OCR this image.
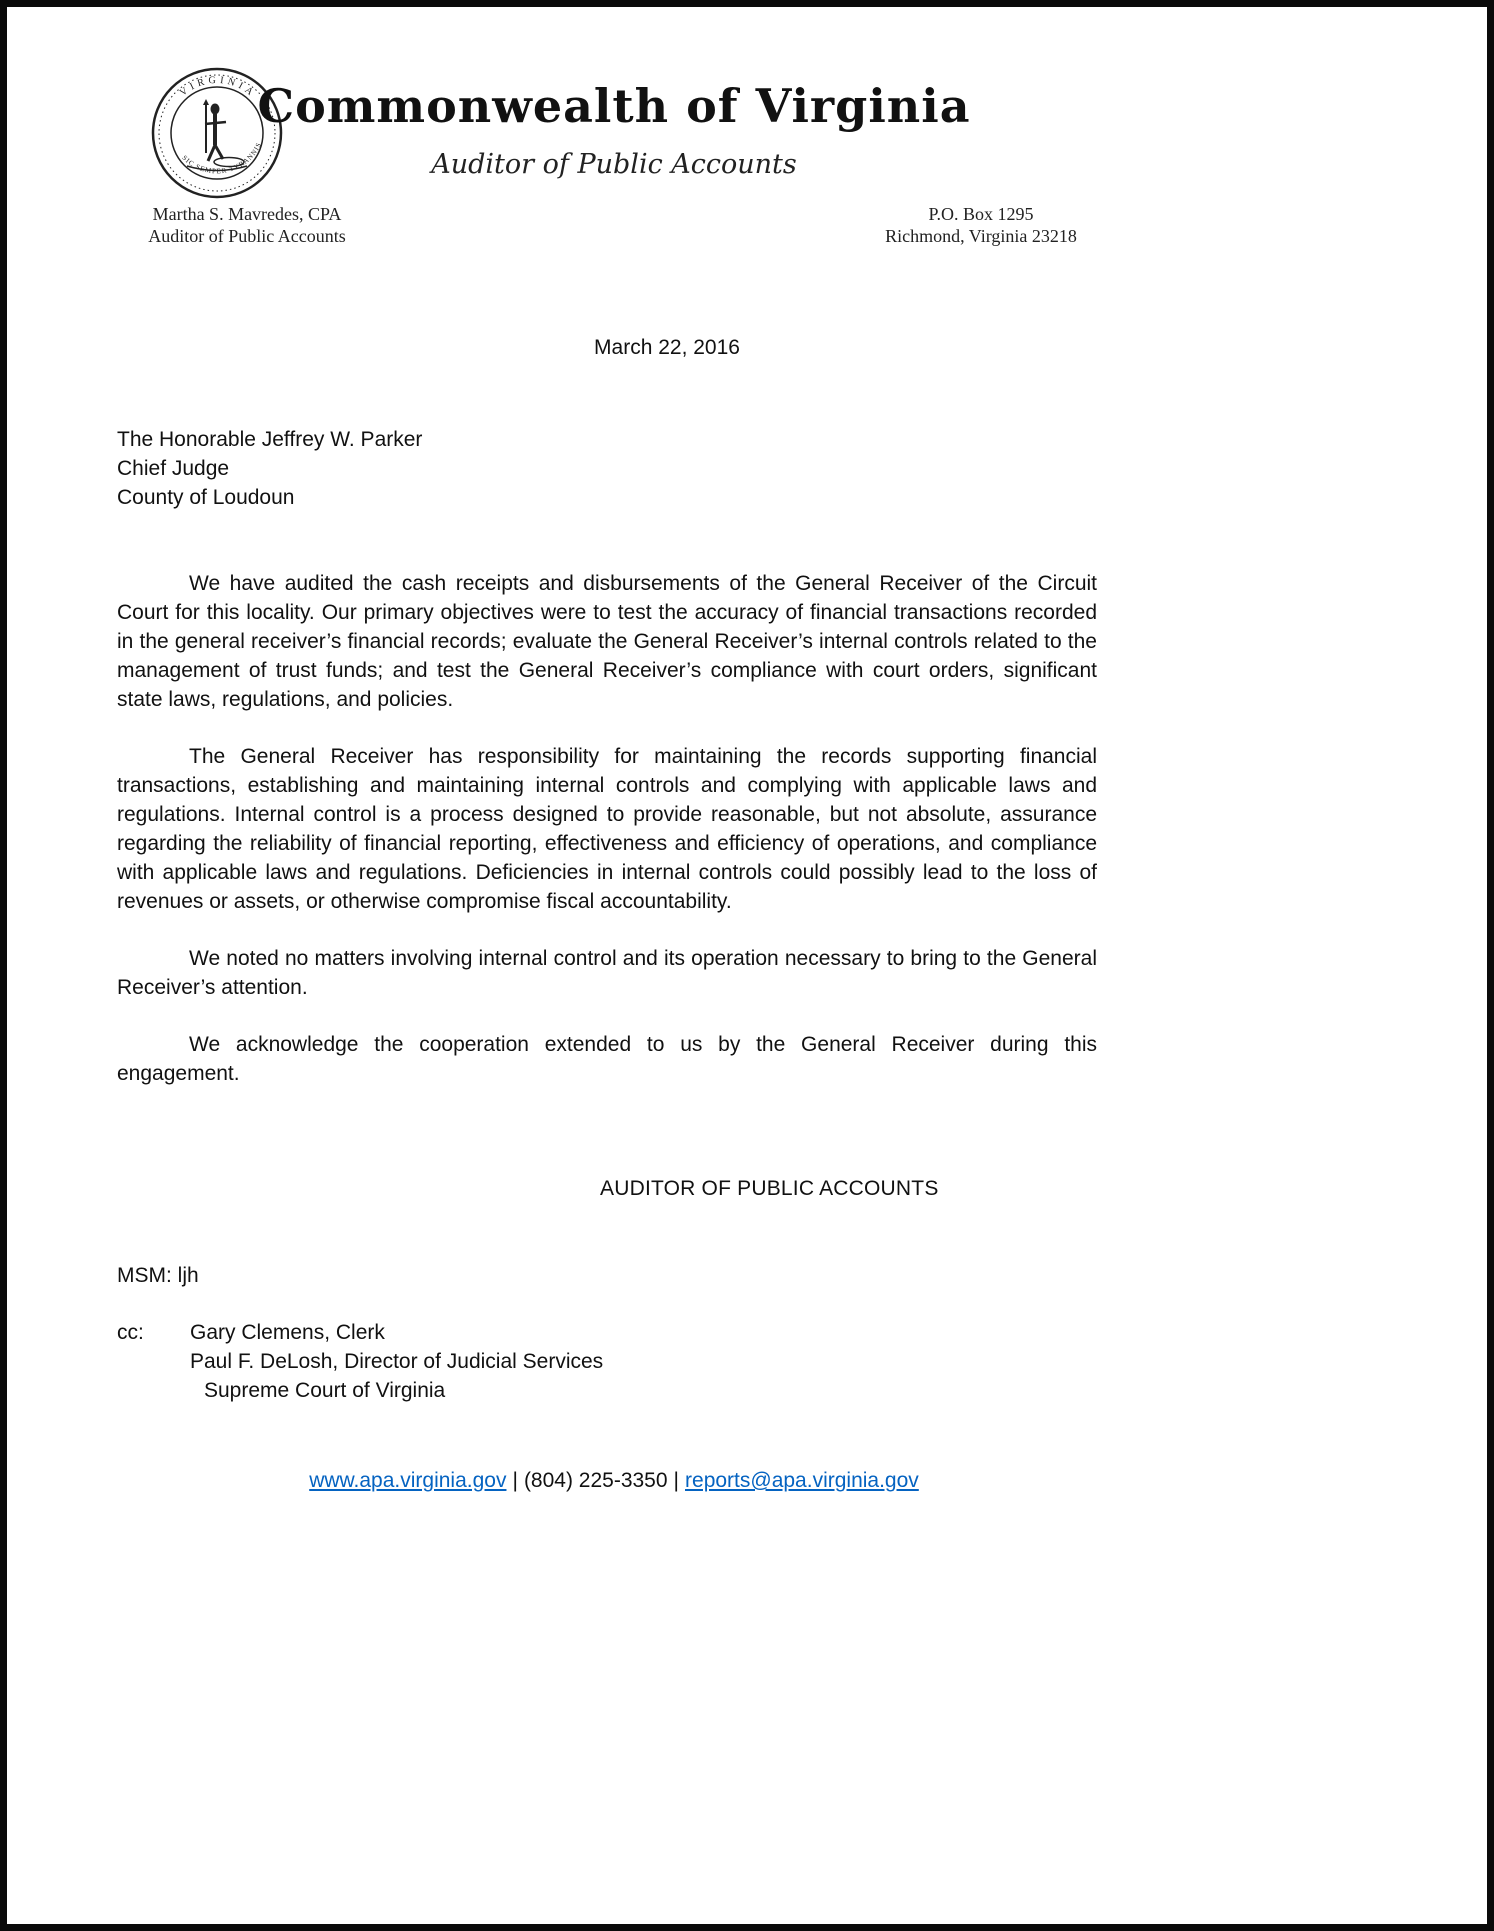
VIRGINIA
SIC SEMPER TYRANNIS
Commonwealth of Virginia
Auditor of Public Accounts
Martha S. Mavredes, CPA
Auditor of Public Accounts
P.O. Box 1295
Richmond, Virginia 23218
March 22, 2016
The Honorable Jeffrey W. Parker
Chief Judge
County of Loudoun

We have audited the cash receipts and disbursements of the General Receiver of the Circuit Court for this locality. Our primary objectives were to test the accuracy of financial transactions recorded in the general receiver’s financial records; evaluate the General Receiver’s internal controls related to the management of trust funds; and test the General Receiver’s compliance with court orders, significant state laws, regulations, and policies.

The General Receiver has responsibility for maintaining the records supporting financial transactions, establishing and maintaining internal controls and complying with applicable laws and regulations. Internal control is a process designed to provide reasonable, but not absolute, assurance regarding the reliability of financial reporting, effectiveness and efficiency of operations, and compliance with applicable laws and regulations. Deficiencies in internal controls could possibly lead to the loss of revenues or assets, or otherwise compromise fiscal accountability.

We noted no matters involving internal control and its operation necessary to bring to the General Receiver’s attention.

We acknowledge the cooperation extended to us by the General Receiver during this engagement.

AUDITOR OF PUBLIC ACCOUNTS
MSM: ljh
cc:	Gary Clemens, Clerk
Paul F. DeLosh, Director of Judicial Services
Supreme Court of Virginia
www.apa.virginia.gov | (804) 225-3350 | reports@apa.virginia.gov
